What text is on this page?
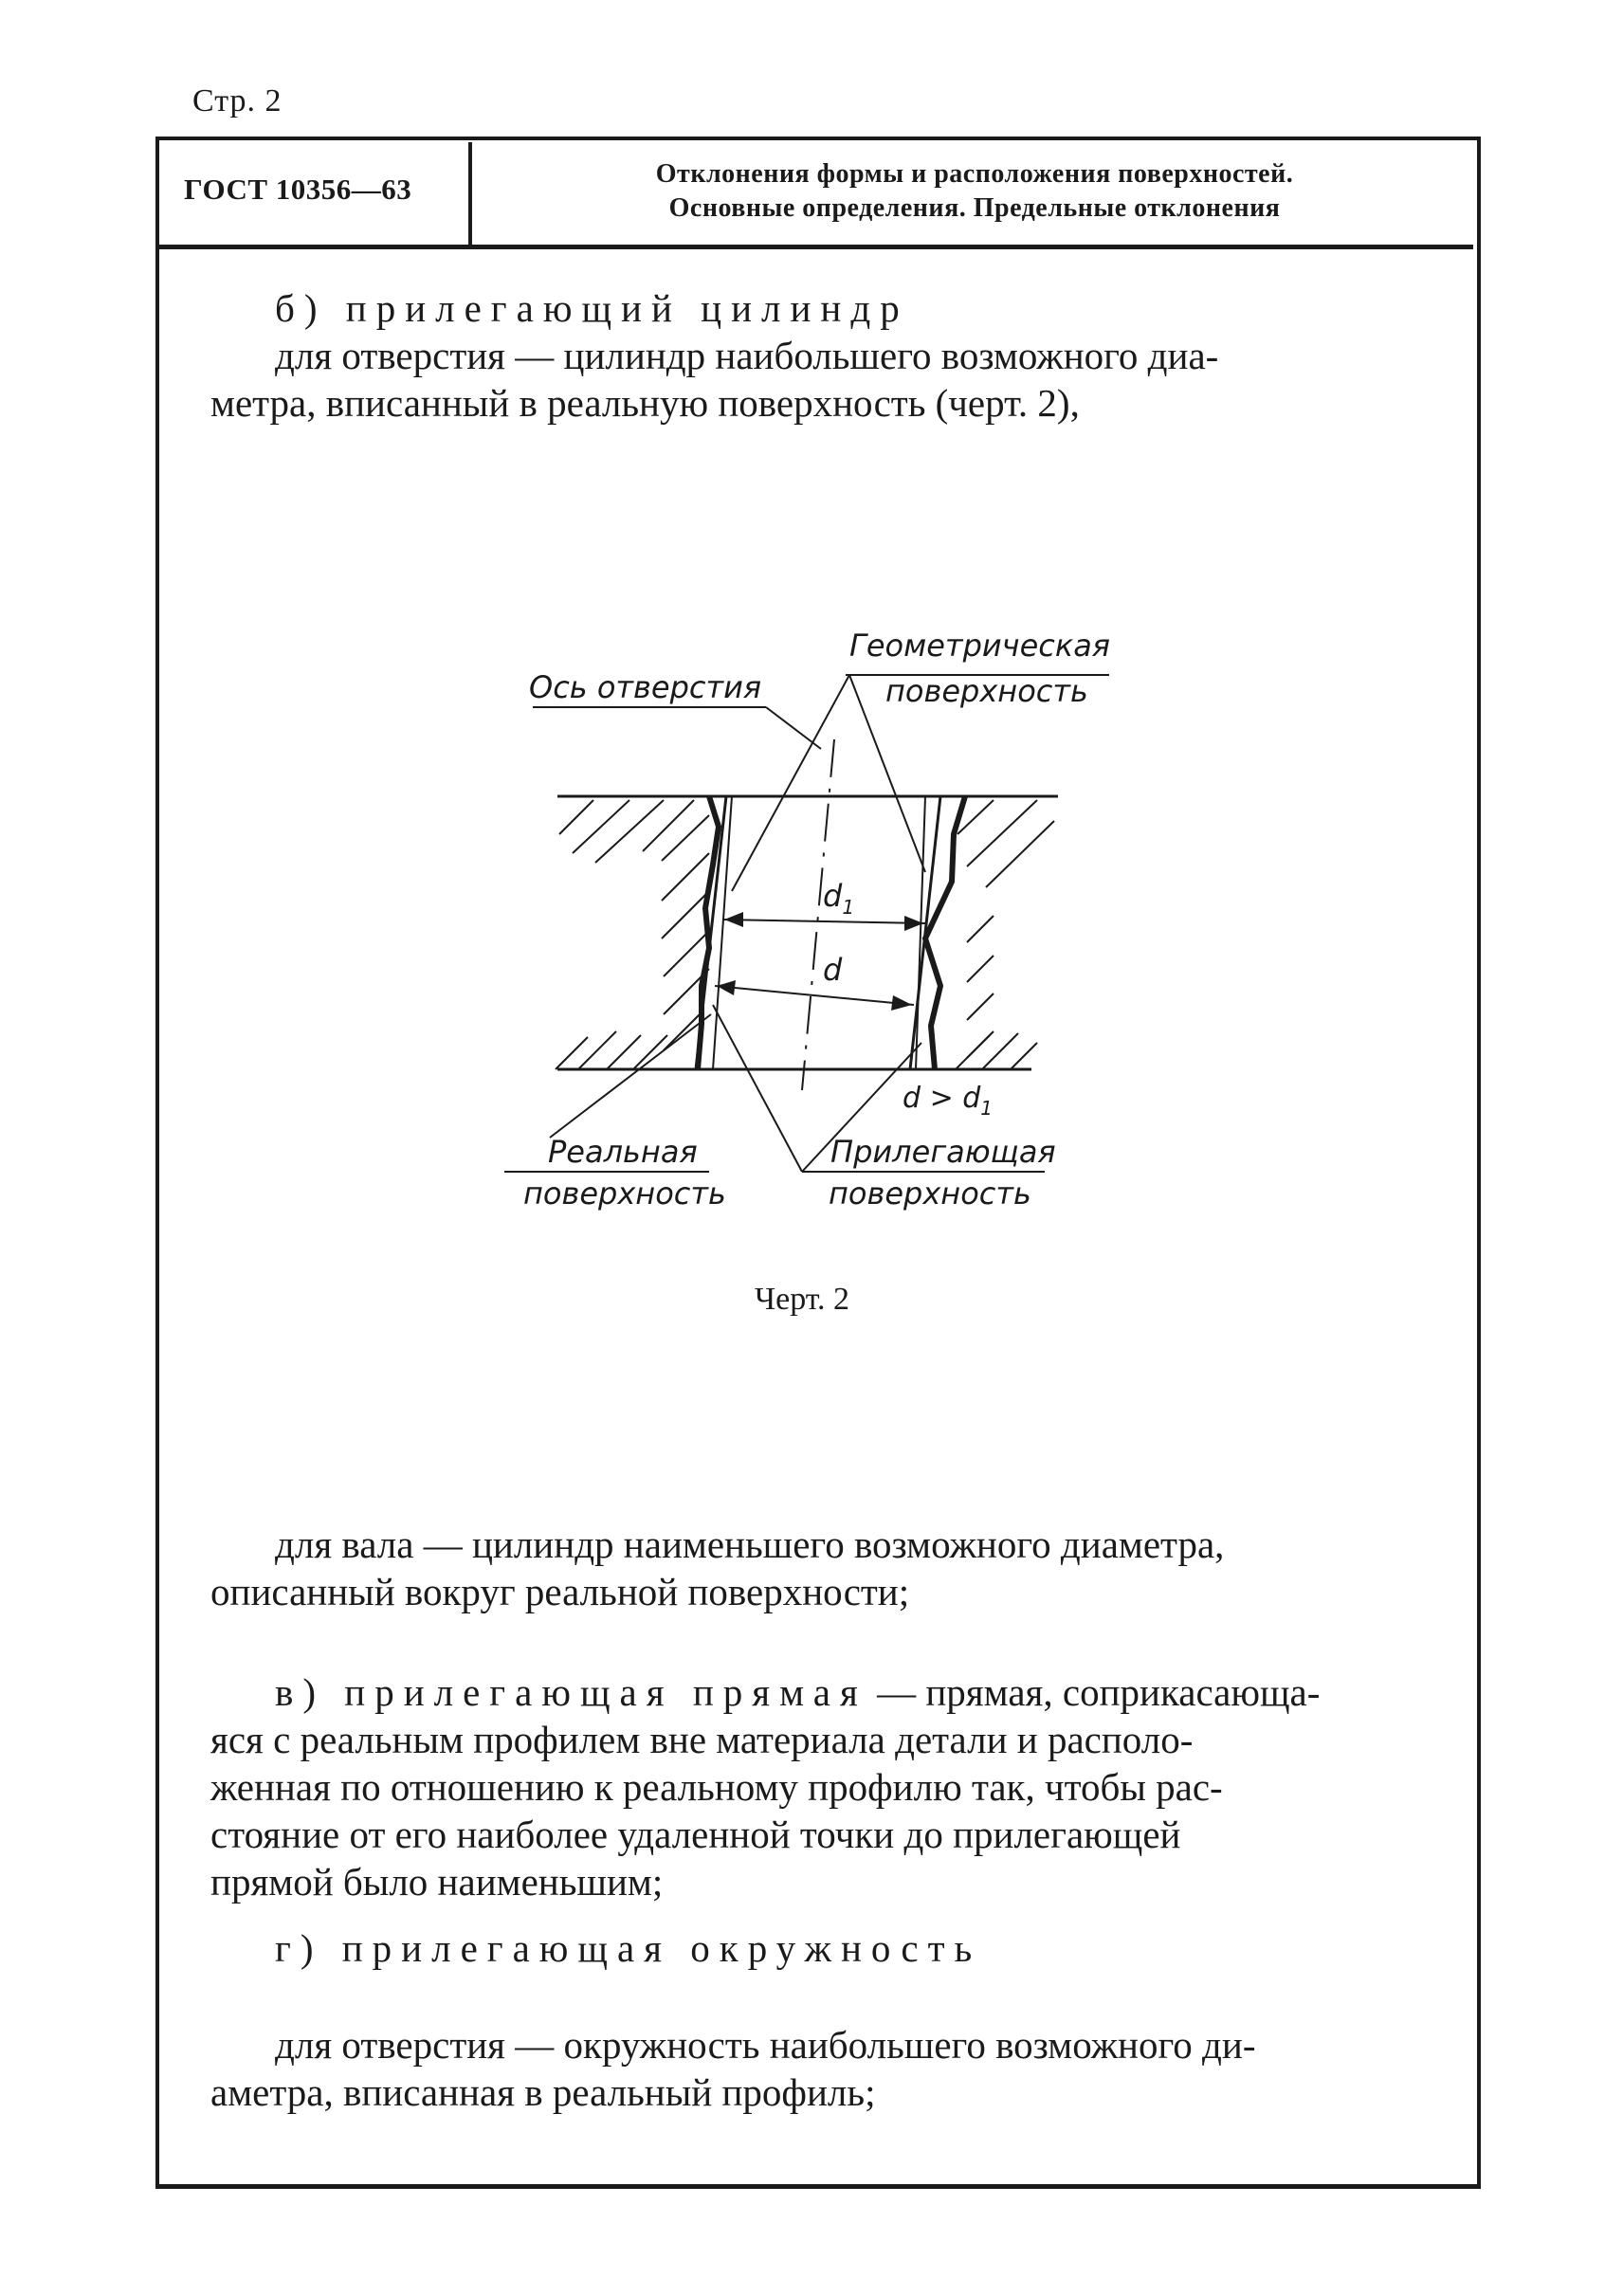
Стр. 2
ГОСТ 10356—63	Отклонения формы и расположения поверхностей.
Основные определения. Предельные отклонения
б) прилегающий цилиндр
для отверстия — цилиндр наибольшего возможного диа-
метра, вписанный в реальную поверхность (черт. 2),
Ось отверстия
Геометрическая
поверхность
Реальная
поверхность
Прилегающая
поверхность
$d_1$
d
$d > d_1$
Черт. 2
для вала — цилиндр наименьшего возможного диаметра,
описанный вокруг реальной поверхности;
в) прилегающая прямая — прямая, соприкасающа-
яся с реальным профилем вне материала детали и располо-
женная по отношению к реальному профилю так, чтобы рас-
стояние от его наиболее удаленной точки до прилегающей
прямой было наименьшим;
г) прилегающая окружность
для отверстия — окружность наибольшего возможного ди-
аметра, вписанная в реальный профиль;
